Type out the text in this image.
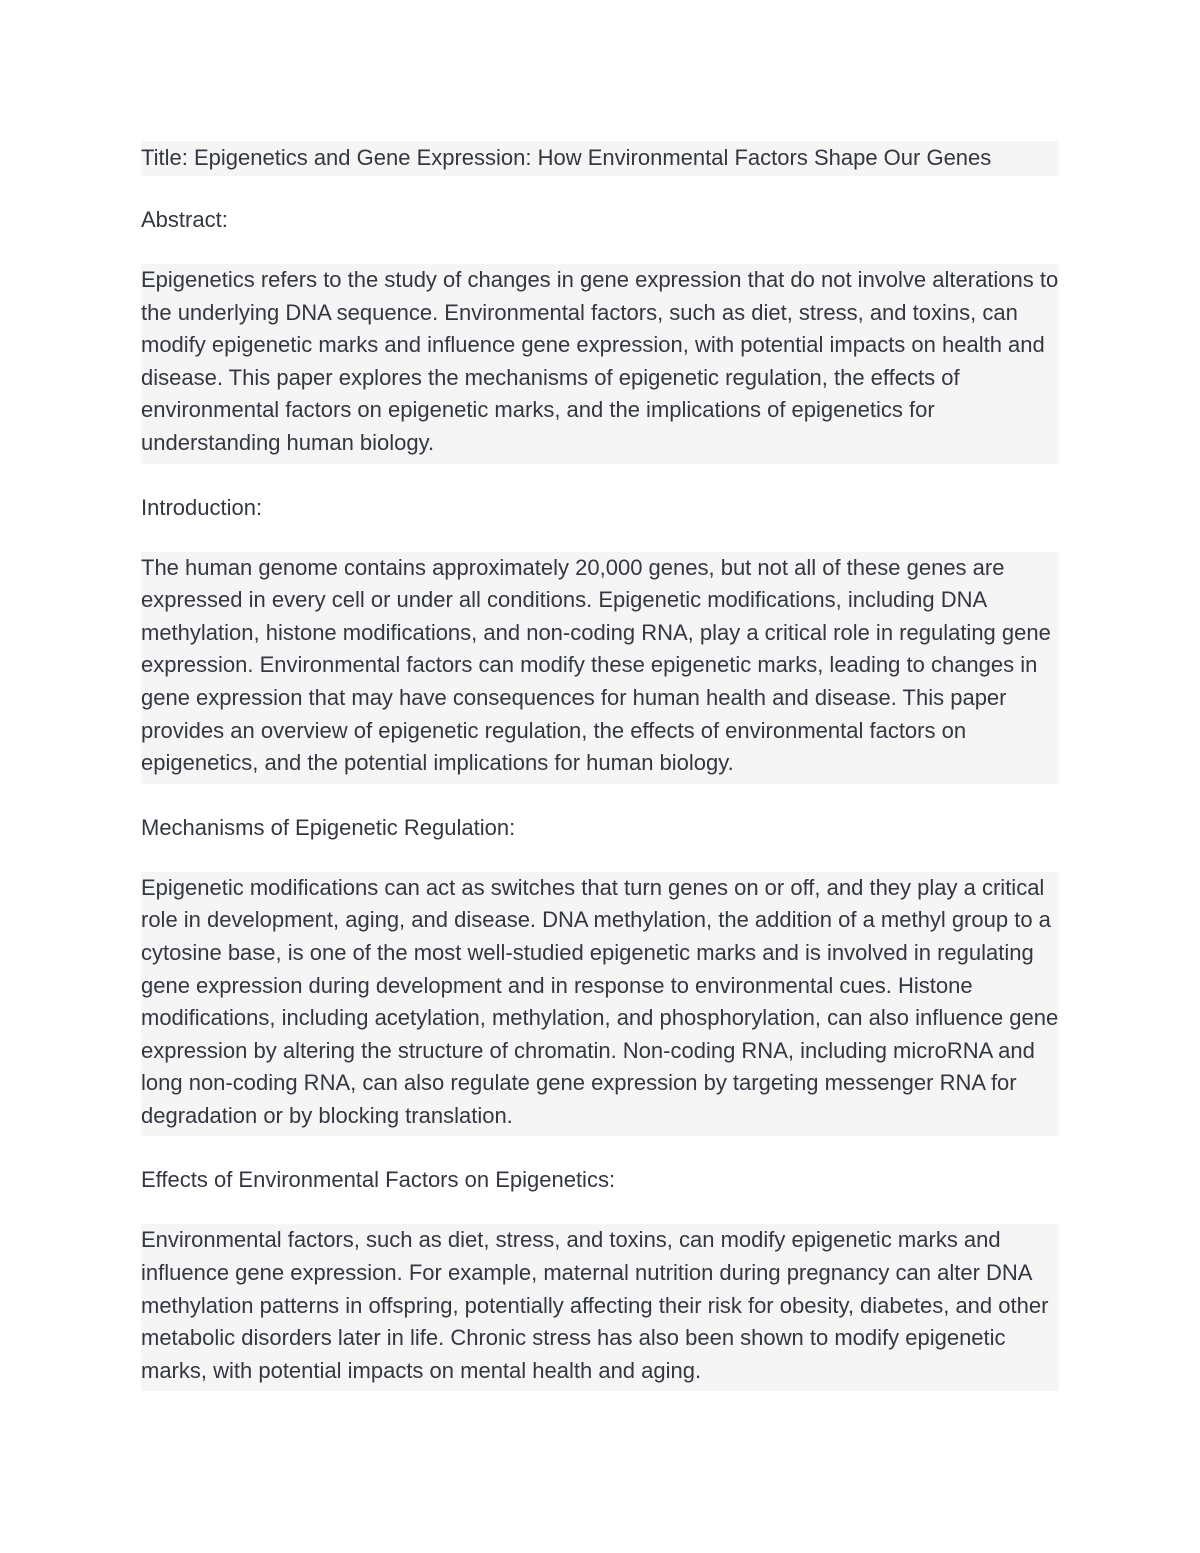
Title: Epigenetics and Gene Expression: How Environmental Factors Shape Our Genes

Abstract:

Epigenetics refers to the study of changes in gene expression that do not involve alterations to the underlying DNA sequence. Environmental factors, such as diet, stress, and toxins, can modify epigenetic marks and influence gene expression, with potential impacts on health and disease. This paper explores the mechanisms of epigenetic regulation, the effects of environmental factors on epigenetic marks, and the implications of epigenetics for understanding human biology.

Introduction:

The human genome contains approximately 20,000 genes, but not all of these genes are expressed in every cell or under all conditions. Epigenetic modifications, including DNA methylation, histone modifications, and non-coding RNA, play a critical role in regulating gene expression. Environmental factors can modify these epigenetic marks, leading to changes in gene expression that may have consequences for human health and disease. This paper provides an overview of epigenetic regulation, the effects of environmental factors on epigenetics, and the potential implications for human biology.

Mechanisms of Epigenetic Regulation:

Epigenetic modifications can act as switches that turn genes on or off, and they play a critical role in development, aging, and disease. DNA methylation, the addition of a methyl group to a cytosine base, is one of the most well-studied epigenetic marks and is involved in regulating gene expression during development and in response to environmental cues. Histone modifications, including acetylation, methylation, and phosphorylation, can also influence gene expression by altering the structure of chromatin. Non-coding RNA, including microRNA and long non-coding RNA, can also regulate gene expression by targeting messenger RNA for degradation or by blocking translation.

Effects of Environmental Factors on Epigenetics:

Environmental factors, such as diet, stress, and toxins, can modify epigenetic marks and influence gene expression. For example, maternal nutrition during pregnancy can alter DNA methylation patterns in offspring, potentially affecting their risk for obesity, diabetes, and other metabolic disorders later in life. Chronic stress has also been shown to modify epigenetic marks, with potential impacts on mental health and aging.
